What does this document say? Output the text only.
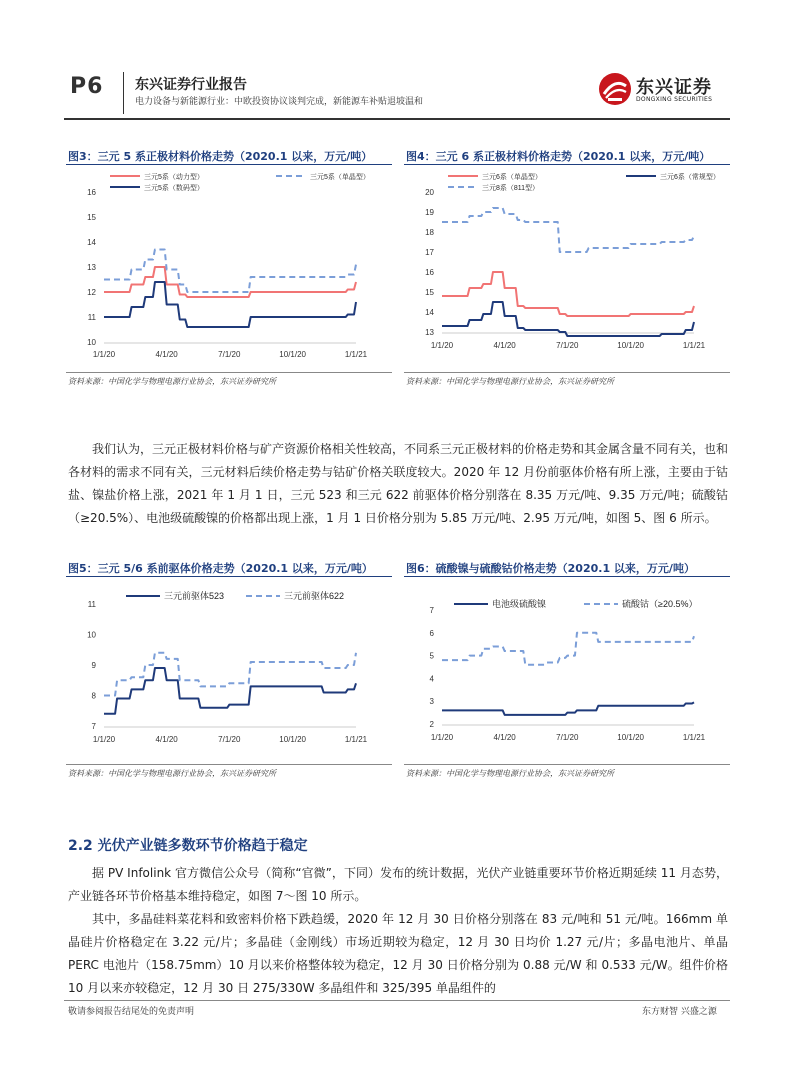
P6 东兴证券行业报告
电力设备与新能源行业：中欧投资协议谈判完成，新能源车补贴退坡温和
东兴证券
DONGXING SECURITIES
图3：三元 5 系正极材料价格走势（2020.1 以来，万元/吨）	图4：三元 6 系正极材料价格走势（2020.1 以来，万元/吨）
三元5系（动力型）	三元5系（单晶型）
三元5系（数码型）
10
11
12
13
14
15
16
1/1/20	4/1/20	7/1/20	10/1/20	1/1/21
三元6系（单晶型）	三元6系（常规型）
三元8系（811型）
13
14
15
16
17
18
19
20
1/1/20	4/1/20	7/1/20	10/1/20	1/1/21
资料来源：中国化学与物理电源行业协会，东兴证券研究所	资料来源：中国化学与物理电源行业协会，东兴证券研究所

我们认为，三元正极材料价格与矿产资源价格相关性较高，不同系三元正极材料的价格走势和其金属含量不同有关，也和各材料的需求不同有关，三元材料后续价格走势与钴矿价格关联度较大。2020 年 12 月份前驱体价格有所上涨，主要由于钴盐、镍盐价格上涨，2021 年 1 月 1 日，三元 523 和三元 622 前驱体价格分别落在 8.35 万元/吨、9.35 万元/吨；硫酸钴（≥20.5%）、电池级硫酸镍的价格都出现上涨，1 月 1 日价格分别为 5.85 万元/吨、2.95 万元/吨，如图 5、图 6 所示。

图5：三元 5/6 系前驱体价格走势（2020.1 以来，万元/吨）	图6：硫酸镍与硫酸钴价格走势（2020.1 以来，万元/吨）
三元前驱体523	三元前驱体622
7
8
9
10
11
1/1/20	4/1/20	7/1/20	10/1/20	1/1/21
电池级硫酸镍	硫酸钴（≥20.5%）
2
3
4
5
6
7
1/1/20	4/1/20	7/1/20	10/1/20	1/1/21
资料来源：中国化学与物理电源行业协会，东兴证券研究所	资料来源：中国化学与物理电源行业协会，东兴证券研究所
2.2 光伏产业链多数环节价格趋于稳定

据 PV Infolink 官方微信公众号（简称“官微”，下同）发布的统计数据，光伏产业链重要环节价格近期延续 11 月态势，产业链各环节价格基本维持稳定，如图 7～图 10 所示。

其中，多晶硅料菜花料和致密料价格下跌趋缓，2020 年 12 月 30 日价格分别落在 83 元/吨和 51 元/吨。166mm 单晶硅片价格稳定在 3.22 元/片；多晶硅（金刚线）市场近期较为稳定，12 月 30 日均价 1.27 元/片；多晶电池片、单晶 PERC 电池片（158.75mm）10 月以来价格整体较为稳定，12 月 30 日价格分别为 0.88 元/W 和 0.533 元/W。组件价格 10 月以来亦较稳定，12 月 30 日 275/330W 多晶组件和 325/395 单晶组件的

敬请参阅报告结尾处的免责声明	东方财智 兴盛之源
